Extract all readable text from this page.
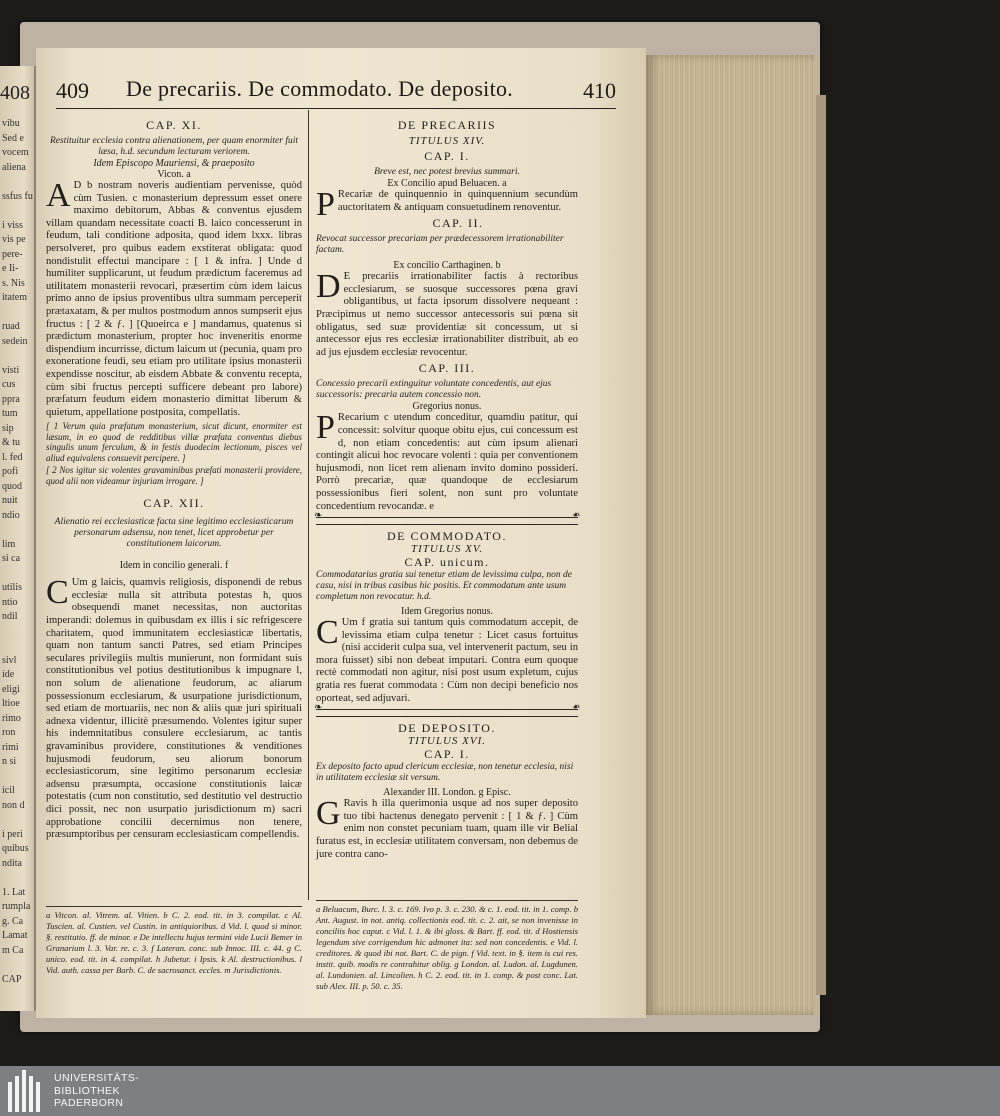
408
vibu
Sed e
vocem
aliena
ssfus fu
i viss
vis pe
pere-
e Ii-
s. Nis
itatem
ruad
sedein
visti
cus
ppra
tum
sip
& tu
l. fed
pofi
quod
nuit
ndio
lim
si ca
utilis
ntio
ndil
sivl
ide
eligi
ltioe
rimo
ron
rimi
n si
icil
non d
i peri
quibus
ndita
1. Lat
rumpla
g. Ca
Lamat
m Ca
CAP
409 De precariis. De commodato. De deposito.	410
CAP. XI.
Restituitur ecclesia contra alienationem, per quam enormiter fuit læsa, h.d. secundum lecturam veriorem.
Idem Episcopo Mauriensi, & praeposito
Vicon. a

A D b nostram noveris audientiam pervenisse, quòd cùm Tusien. c monasterium depressum esset onere maximo debitorum, Abbas & conventus ejusdem villam quandam necessitate coacti B. laico concesserunt in feudum, tali conditione adposita, quod idem lxxx. libras persolveret, pro quibus eadem exstiterat obligata: quod nondistulit effectui mancipare : [ 1 & infra. ] Unde d humiliter supplicarunt, ut feudum prædictum faceremus ad utilitatem monasterii revocari, præsertim cùm idem laicus primo anno de ipsius proventibus ultra summam perceperit prætaxatam, & per multos postmodum annos sumpserit ejus fructus : [ 2 & ƒ. ] [Quoeirca e ] mandamus, quatenus si prædictum monasterium, propter hoc inveneritis enorme dispendium incurrisse, dictum laicum ut (pecunia, quam pro exoneratione feudi, seu etiam pro utilitate ipsius monasterii expendisse noscitur, ab eisdem Abbate & conventu recepta, cùm sibi fructus percepti sufficere debeant pro labore) præfatum feudum eidem monasterio dimittat liberum & quietum, appellatione postposita, compellatis.

[ 1 Verum quia præfatum monasterium, sicut dicunt, enormiter est læsum, in eo quod de redditibus villæ præfata conventus diebus singulis unum ferculum, & in festis duodecim lectionum, pisces vel aliud equivalens consuevit percipere. ]

[ 2 Nos igitur sic volentes gravaminibus præfati monasterii providere, quod alii non videamur injuriam irrogare. ]

CAP. XII.
Alienatio rei ecclesiasticæ facta sine legitimo ecclesiasticarum personarum adsensu, non tenet, licet approbetur per constitutionem laicorum.
Idem in concilio generali. f

C Um g laicis, quamvis religiosis, disponendi de rebus ecclesiæ nulla sit attributa potestas h, quos obsequendi manet necessitas, non auctoritas imperandi: dolemus in quibusdam ex illis i sic refrigescere charitatem, quod immunitatem ecclesiasticæ libertatis, quam non tantum sancti Patres, sed etiam Principes seculares privilegiis multis munierunt, non formidant suis constitutionibus vel potius destitutionibus k impugnare l, non solum de alienatione feudorum, ac aliarum possessionum ecclesiarum, & usurpatione jurisdictionum, sed etiam de mortuariis, nec non & aliis quæ juri spirituali adnexa videntur, illicitè præsumendo. Volentes igitur super his indemnitatibus consulere ecclesiarum, ac tantis gravaminibus providere, constitutiones & venditiones hujusmodi feudorum, seu aliorum bonorum ecclesiasticorum, sine legitimo personarum ecclesiæ adsensu præsumpta, occasione constitutionis laicæ potestatis (cum non constitutio, sed destitutio vel destructio dici possit, nec non usurpatio jurisdictionum m) sacri approbatione concilii decernimus non tenere, præsumptoribus per censuram ecclesiasticam compellendis.

DE PRECARIIS
TITULUS XIV.
CAP. I.
Breve est, nec potest brevius summari.
Ex Concilio apud Beluacen. a

P Recariæ de quinquennio in quinquennium secundùm auctoritatem & antiquam consuetudinem renoventur.

CAP. II.
Revocat successor precariam per prædecessorem irrationabiliter factam.
Ex concilio Carthaginen. b

D E precariis irrationabiliter factis à rectoribus ecclesiarum, se suosque successores pœna gravi obligantibus, ut facta ipsorum dissolvere nequeant : Præcipimus ut nemo successor antecessoris sui pœna sit obligatus, sed suæ providentiæ sit concessum, ut si antecessor ejus res ecclesiæ irrationabiliter distribuit, ab eo ad jus ejusdem ecclesiæ revocentur.

CAP. III.
Concessio precarii extinguitur voluntate concedentis, aut ejus successoris: precaria autem concessio non.
Gregorius nonus.

P Recarium c utendum conceditur, quamdiu patitur, qui concessit: solvitur quoque obitu ejus, cui concessum est d, non etiam concedentis: aut cùm ipsum alienari contingit alicui hoc revocare volenti : quia per conventionem hujusmodi, non licet rem alienam invito domino possideri. Porrò precariæ, quæ quandoque de ecclesiarum possessionibus fieri solent, non sunt pro voluntate concedentium revocandæ. e

❧ ❧
DE COMMODATO.
TITULUS XV.
CAP. unicum.
Commodatarius gratia sui tenetur etiam de levissima culpa, non de casu, nisi in tribus casibus hic positis. Et commodatum ante usum completum non revocatur. h.d.
Idem Gregorius nonus.

C Um f gratia sui tantum quis commodatum accepit, de levissima etiam culpa tenetur : Licet casus fortuitus (nisi acciderit culpa sua, vel intervenerit pactum, seu in mora fuisset) sibi non debeat imputari. Contra eum quoque rectè commodati non agitur, nisi post usum expletum, cujus gratia res fuerat commodata : Cùm non decipi beneficio nos oporteat, sed adjuvari.

❧ ❧
DE DEPOSITO.
TITULUS XVI.
CAP. I.
Ex deposito facto apud clericum ecclesiæ, non tenetur ecclesia, nisi in utilitatem ecclesiæ sit versum.
Alexander III. London. g Episc.

G Ravis h illa querimonia usque ad nos super deposito tuo tibi hactenus denegato pervenit : [ 1 & ƒ. ] Cùm enim non constet pecuniam tuam, quam ille vir Belial furatus est, in ecclesiæ utilitatem conversam, non debemus de jure contra cano-

a Vitcon. al. Vitrem. al. Vitien. b C. 2. eod. tit. in 3. compilat. c Al. Tuscien. al. Custien. vel Custin. in antiquioribus. d Vid. l. quod si minor. §. restitutio. ff. de minor. e De intellectu hujus termini vide Lucii Bemer in Granarium l. 3. Var. re. c. 3. f Lateran. conc. sub Innoc. III. c. 44. g C. unico. eod. tit. in 4. compilat. h Jubetur. i Ipsis. k Al. destructionibus. l Vid. auth. cassa per Barb. C. de sacrosanct. eccles. m Jurisdictionis.
a Beluacum, Burc. l. 3. c. 169. Ivo p. 3. c. 230. & c. 1. eod. tit. in 1. comp. b Ant. August. in not. antiq. collectionis eod. tit. c. 2. ait, se non invenisse in conciliis hoc caput. c Vid. l. 1. & ibi gloss. & Bart. ff. eod. tit. d Hostiensis legendum sive corrigendum hic admonet ita: sed non concedentis. e Vid. l. creditores. & quod ibi not. Bart. C. de pign. f Vid. text. in §. item is cui res. instit. quib. modis re contrahitur oblig. g London. al. Ludon. al. Lugdunen. al. Lundonien. al. Lincolien. h C. 2. eod. tit. in 1. comp. & post conc. Lat. sub Alex. III. p. 50. c. 35.
UNIVERSITÄTS-
BIBLIOTHEK
PADERBORN
